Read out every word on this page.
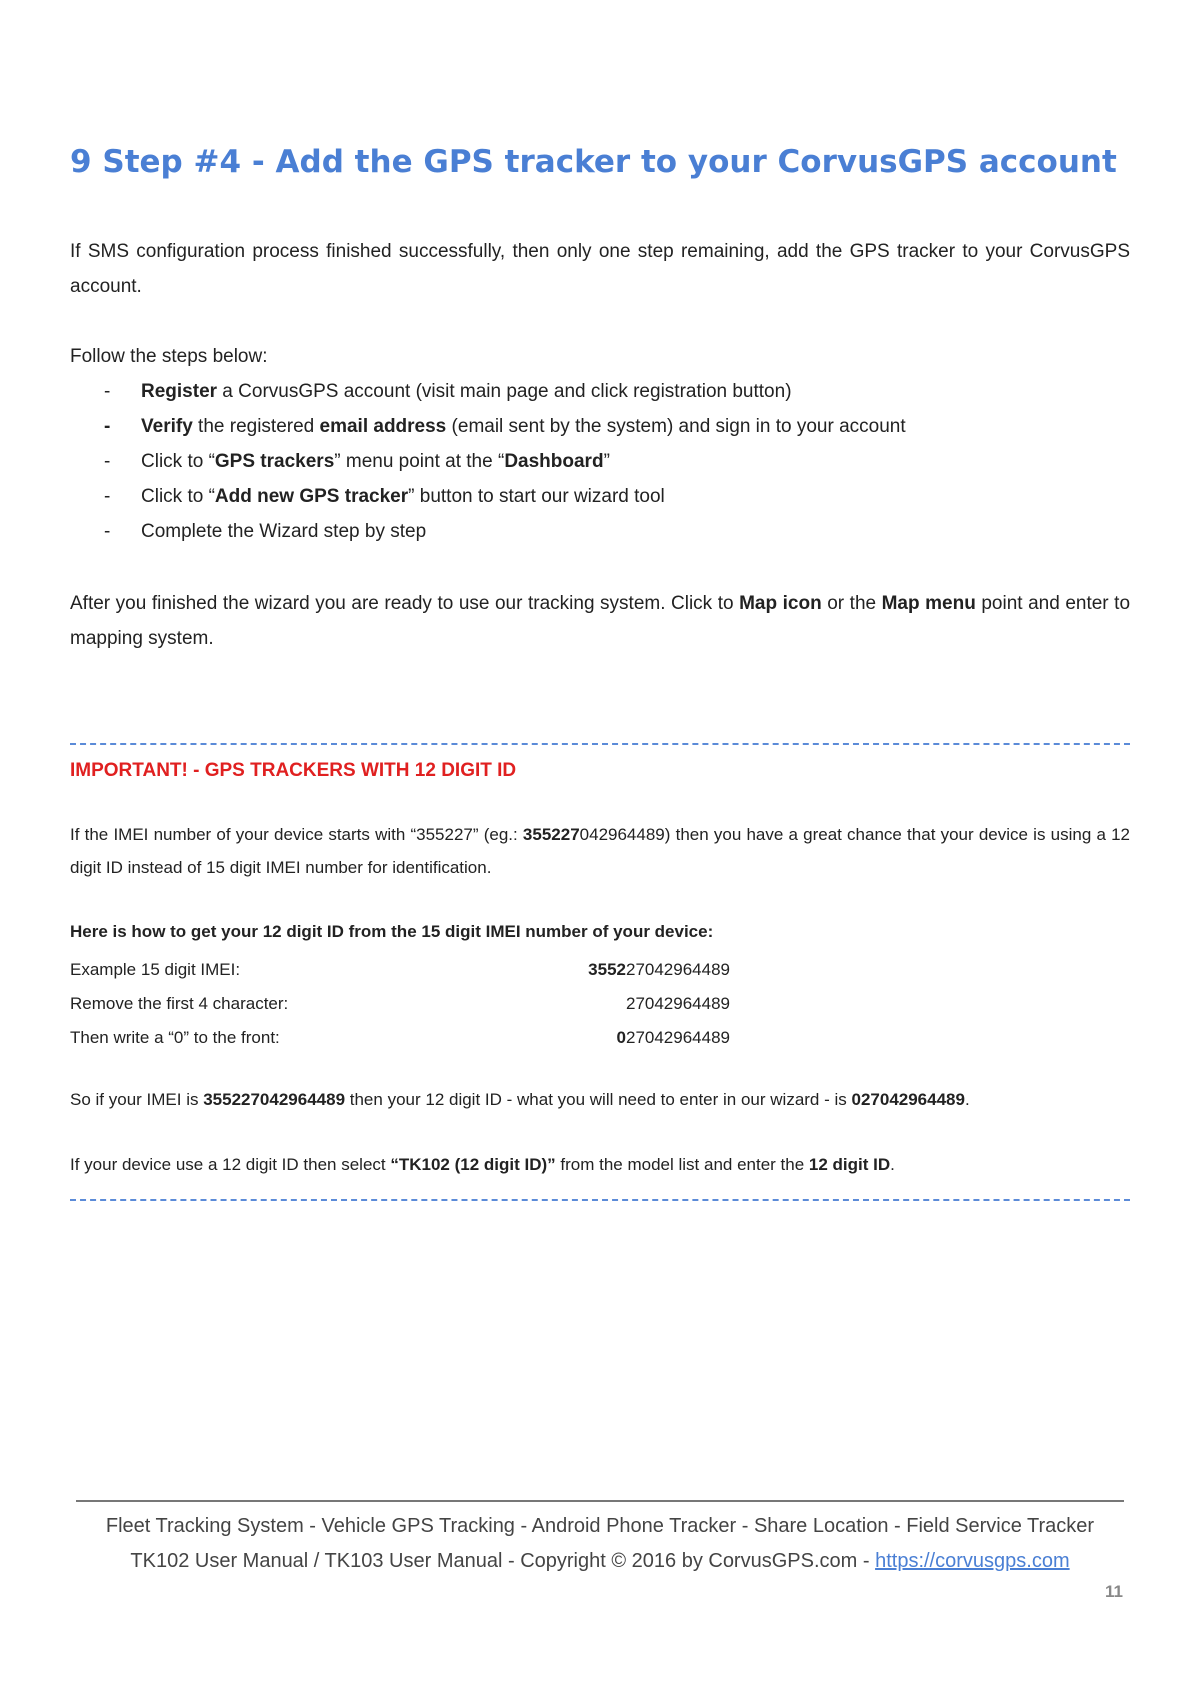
9 Step #4 - Add the GPS tracker to your CorvusGPS account

If SMS configuration process finished successfully, then only one step remaining, add the GPS tracker to your CorvusGPS account.

Follow the steps below:

- Register a CorvusGPS account (visit main page and click registration button)
- Verify the registered email address (email sent by the system) and sign in to your account
- Click to “GPS trackers” menu point at the “Dashboard”
- Click to “Add new GPS tracker” button to start our wizard tool
- Complete the Wizard step by step

After you finished the wizard you are ready to use our tracking system. Click to Map icon or the Map menu point and enter to mapping system.

IMPORTANT! - GPS TRACKERS WITH 12 DIGIT ID

If the IMEI number of your device starts with “355227” (eg.: 355227042964489) then you have a great chance that your device is using a 12 digit ID instead of 15 digit IMEI number for identification.

Here is how to get your 12 digit ID from the 15 digit IMEI number of your device:

Example 15 digit IMEI:	355227042964489
Remove the first 4 character:	27042964489
Then write a “0” to the front:	027042964489

So if your IMEI is 355227042964489 then your 12 digit ID - what you will need to enter in our wizard - is 027042964489.

If your device use a 12 digit ID then select “TK102 (12 digit ID)” from the model list and enter the 12 digit ID.

Fleet Tracking System - Vehicle GPS Tracking - Android Phone Tracker - Share Location - Field Service Tracker

TK102 User Manual / TK103 User Manual - Copyright © 2016 by CorvusGPS.com - https://corvusgps.com

11
